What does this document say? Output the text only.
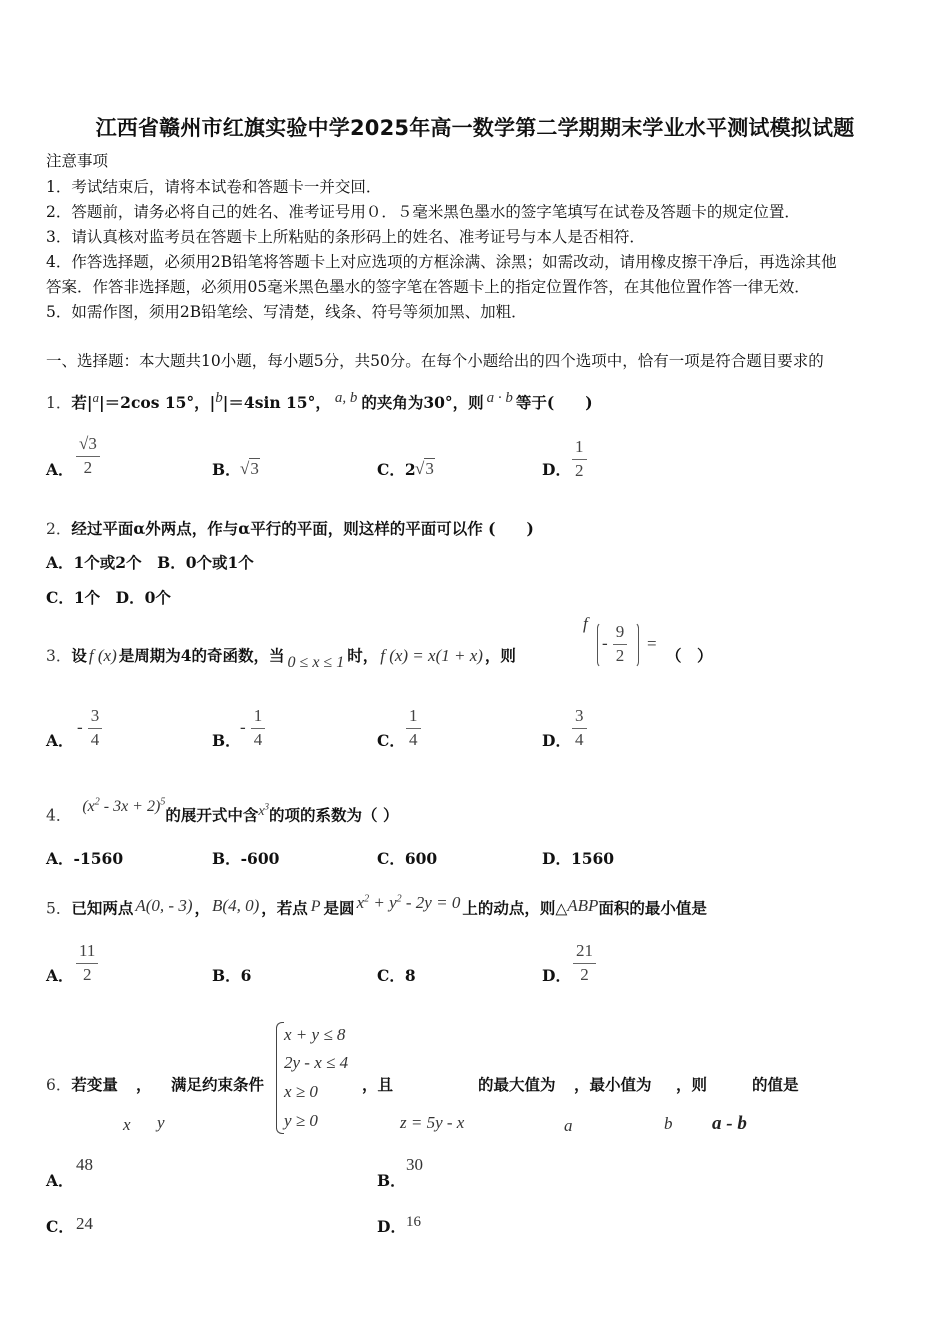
江西省赣州市红旗实验中学2025年高一数学第二学期期末学业水平测试模拟试题
注意事项
1．考试结束后，请将本试卷和答题卡一并交回．
2．答题前，请务必将自己的姓名、准考证号用０．５毫米黑色墨水的签字笔填写在试卷及答题卡的规定位置．
3．请认真核对监考员在答题卡上所粘贴的条形码上的姓名、准考证号与本人是否相符．
4．作答选择题，必须用2B铅笔将答题卡上对应选项的方框涂满、涂黑；如需改动，请用橡皮擦干净后，再选涂其他
答案．作答非选择题，必须用05毫米黑色墨水的签字笔在答题卡上的指定位置作答，在其他位置作答一律无效．
5．如需作图，须用2B铅笔绘、写清楚，线条、符号等须加黑、加粗．
一、选择题：本大题共10小题，每小题5分，共50分。在每个小题给出的四个选项中，恰有一项是符合题目要求的
1．若$|^a|=2\cos$ 15°，$|^b|=4\sin$ 15°， $^{a, b}$ 的夹角为30°，则 $^{a \cdot b}$ 等于(　　)
A． $\frac{√3}{2}$	B． √3	C．2 √3	D． $\frac{1}{2}$
2．经过平面α外两点，作与α平行的平面，则这样的平面可以作 (　　)
A．1个或2个　B．0个或1个
C．1个　D．0个
3．设 f (x) 是周期为4的奇函数，当 0 ≤ x ≤ 1 时， f (x) = x(1 + x) ，则
f
- $\frac{9}{2}$ =
（　）
A．
- $\frac{3}{4}$	B．
- $\frac{1}{4}$	C． $\frac{1}{4}$	D． $\frac{3}{4}$
4． $(x^2 - 3x + 2)^5$的展开式中含$x^3$的项的系数为（ ）
A．-1560	B．-600	C．600	D．1560
5．已知两点 A(0, - 3) ， B(4, 0) ，若点 P 是圆 $x^2 + y^2 - 2y = 0$ 上的动点，则△ABP面积的最小值是
A． $\frac{11}{2}$	B．6	C．8	D． $\frac{21}{2}$
6．若变量 ， 满足约束条件	，且	的最大值为 ，最小值为 ，则	的值是
x y
x + y ≤ 8
2y - x ≤ 4
x ≥ 0
y ≥ 0	z = 5y - x	a	b a - b
A．
48
B．
30
C． 24	D． 16
